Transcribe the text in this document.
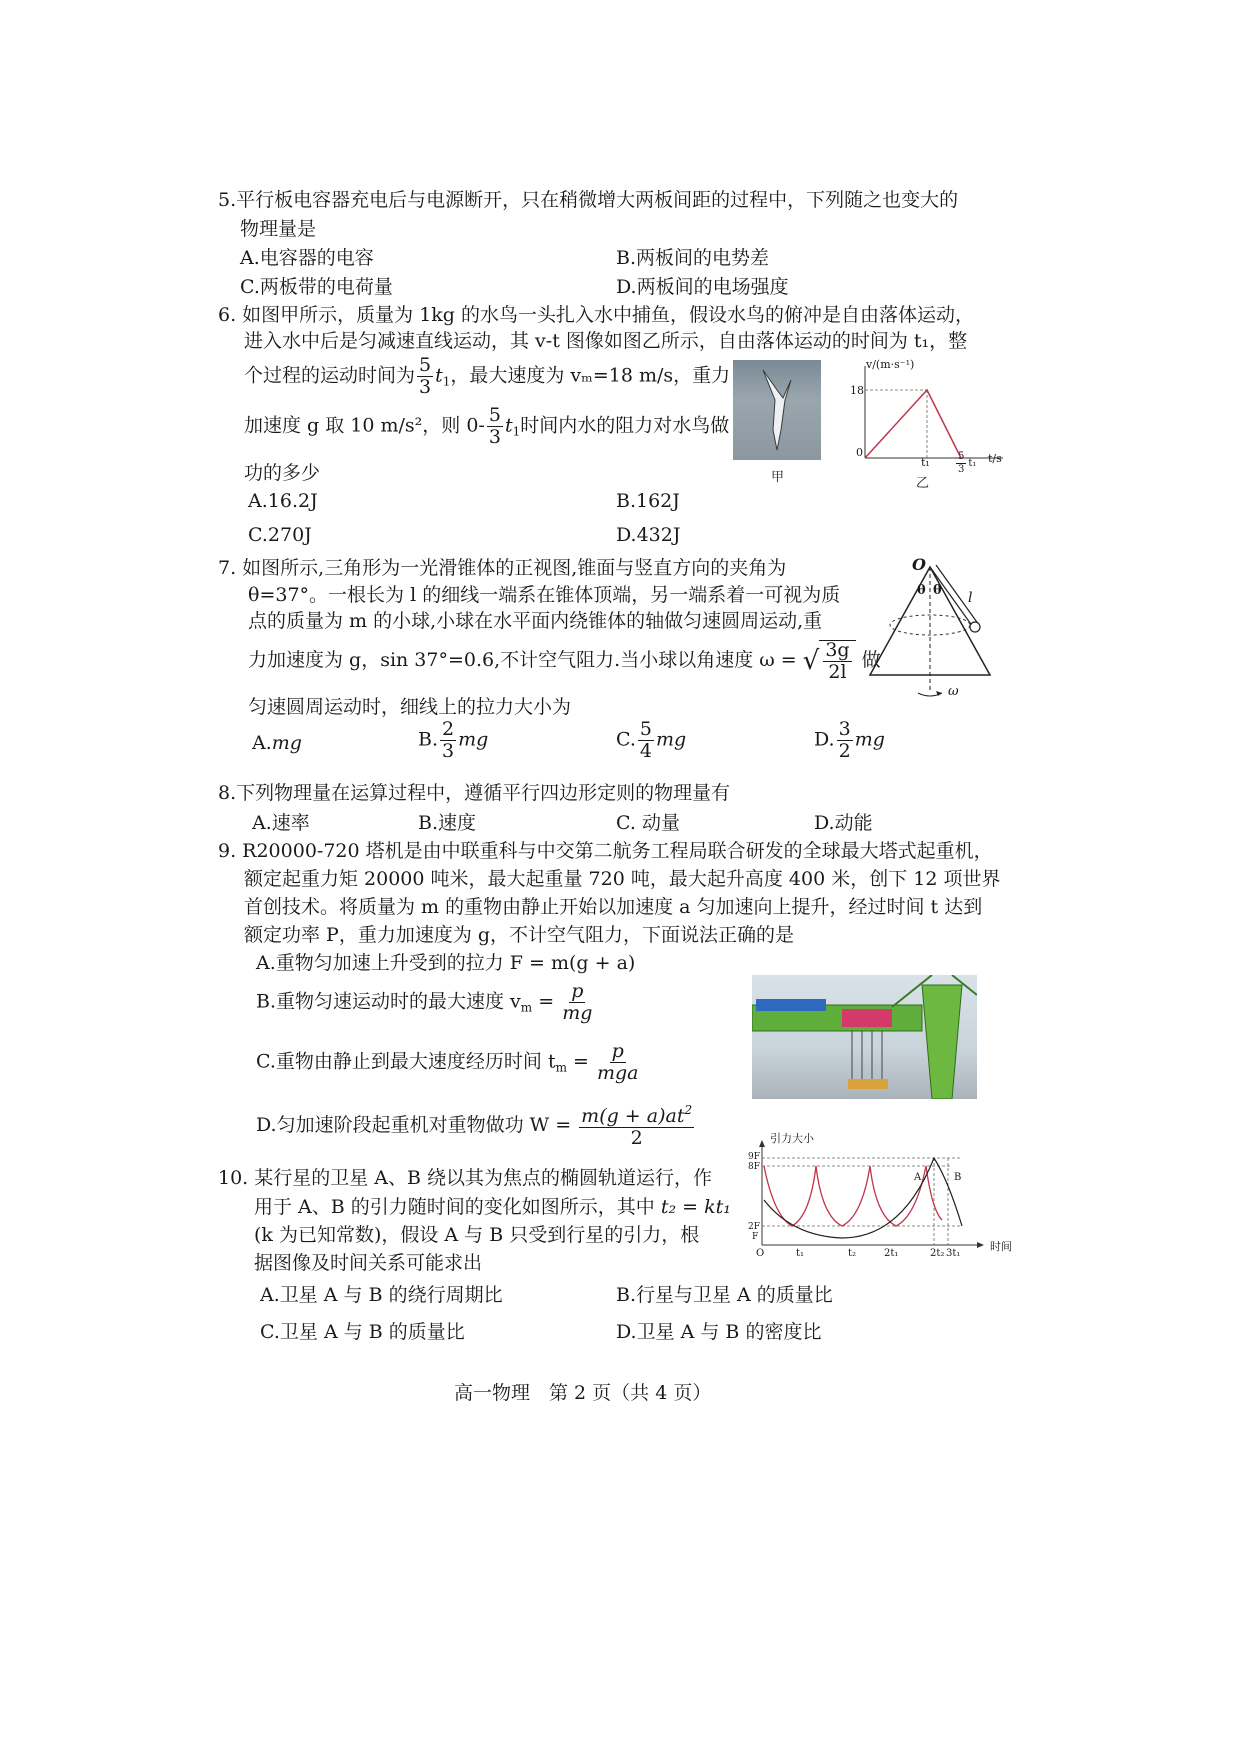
5.平行板电容器充电后与电源断开，只在稍微增大两板间距的过程中，下列随之也变大的
物理量是
A.电容器的电容	B.两板间的电势差
C.两板带的电荷量	D.两板间的电场强度
6. 如图甲所示，质量为 1kg 的水鸟一头扎入水中捕鱼，假设水鸟的俯冲是自由落体运动，
进入水中后是匀减速直线运动，其 v-t 图像如图乙所示，自由落体运动的时间为 t₁，整
个过程的运动时间为 $\frac{5}{3} t_1$，最大速度为 vₘ=18 m/s，重力
加速度 g 取 10 m/s²，则 $0- \frac{5}{3} t_1$时间内水的阻力对水鸟做
功的多少
A.16.2J	B.162J
C.270J	D.432J
甲
v/(m·s⁻¹)
18
0
t₁	$\frac{5}{3} t_1$ t/s
乙
7. 如图所示,三角形为一光滑锥体的正视图,锥面与竖直方向的夹角为
θ=37°。一根长为 l 的细线一端系在锥体顶端，另一端系着一可视为质
点的质量为 m 的小球,小球在水平面内绕锥体的轴做匀速圆周运动,重
力加速度为 g，sin 37°=0.6,不计空气阻力.当小球以角速度 ω = √ $\frac{3g}{2l}$ 做
匀速圆周运动时，细线上的拉力大小为
A.mg	B. $\frac{2}{3}$ mg	C. $\frac{5}{4}$ mg	D. $\frac{3}{2}$ mg
O
θ θ l
ω
8.下列物理量在运算过程中，遵循平行四边形定则的物理量有
A.速率	B.速度	C. 动量	D.动能
9. R20000-720 塔机是由中联重科与中交第二航务工程局联合研发的全球最大塔式起重机，
额定起重力矩 20000 吨米，最大起重量 720 吨，最大起升高度 400 米，创下 12 项世界
首创技术。将质量为 m 的重物由静止开始以加速度 a 匀加速向上提升，经过时间 t 达到
额定功率 P，重力加速度为 g，不计空气阻力，下面说法正确的是
A.重物匀加速上升受到的拉力 F = m(g + a)
B.重物匀速运动时的最大速度 $v_m = \frac{p}{mg}$
C.重物由静止到最大速度经历时间 $t_m = \frac{p}{\text{mga}}$
D.匀加速阶段起重机对重物做功 $W = \frac{m(g + a)at^2}{2}$
10. 某行星的卫星 A、B 绕以其为焦点的椭圆轨道运行，作
用于 A、B 的引力随时间的变化如图所示，其中 t₂ = kt₁
(k 为已知常数)，假设 A 与 B 只受到行星的引力，根
据图像及时间关系可能求出
A.卫星 A 与 B 的绕行周期比	B.行星与卫星 A 的质量比
C.卫星 A 与 B 的质量比	D.卫星 A 与 B 的密度比
引力大小
时间
9F
8F
2F
F
O	t₁	t₂	2t₁	2t₂ 3t₁
A	B
高一物理　第 2 页（共 4 页）
